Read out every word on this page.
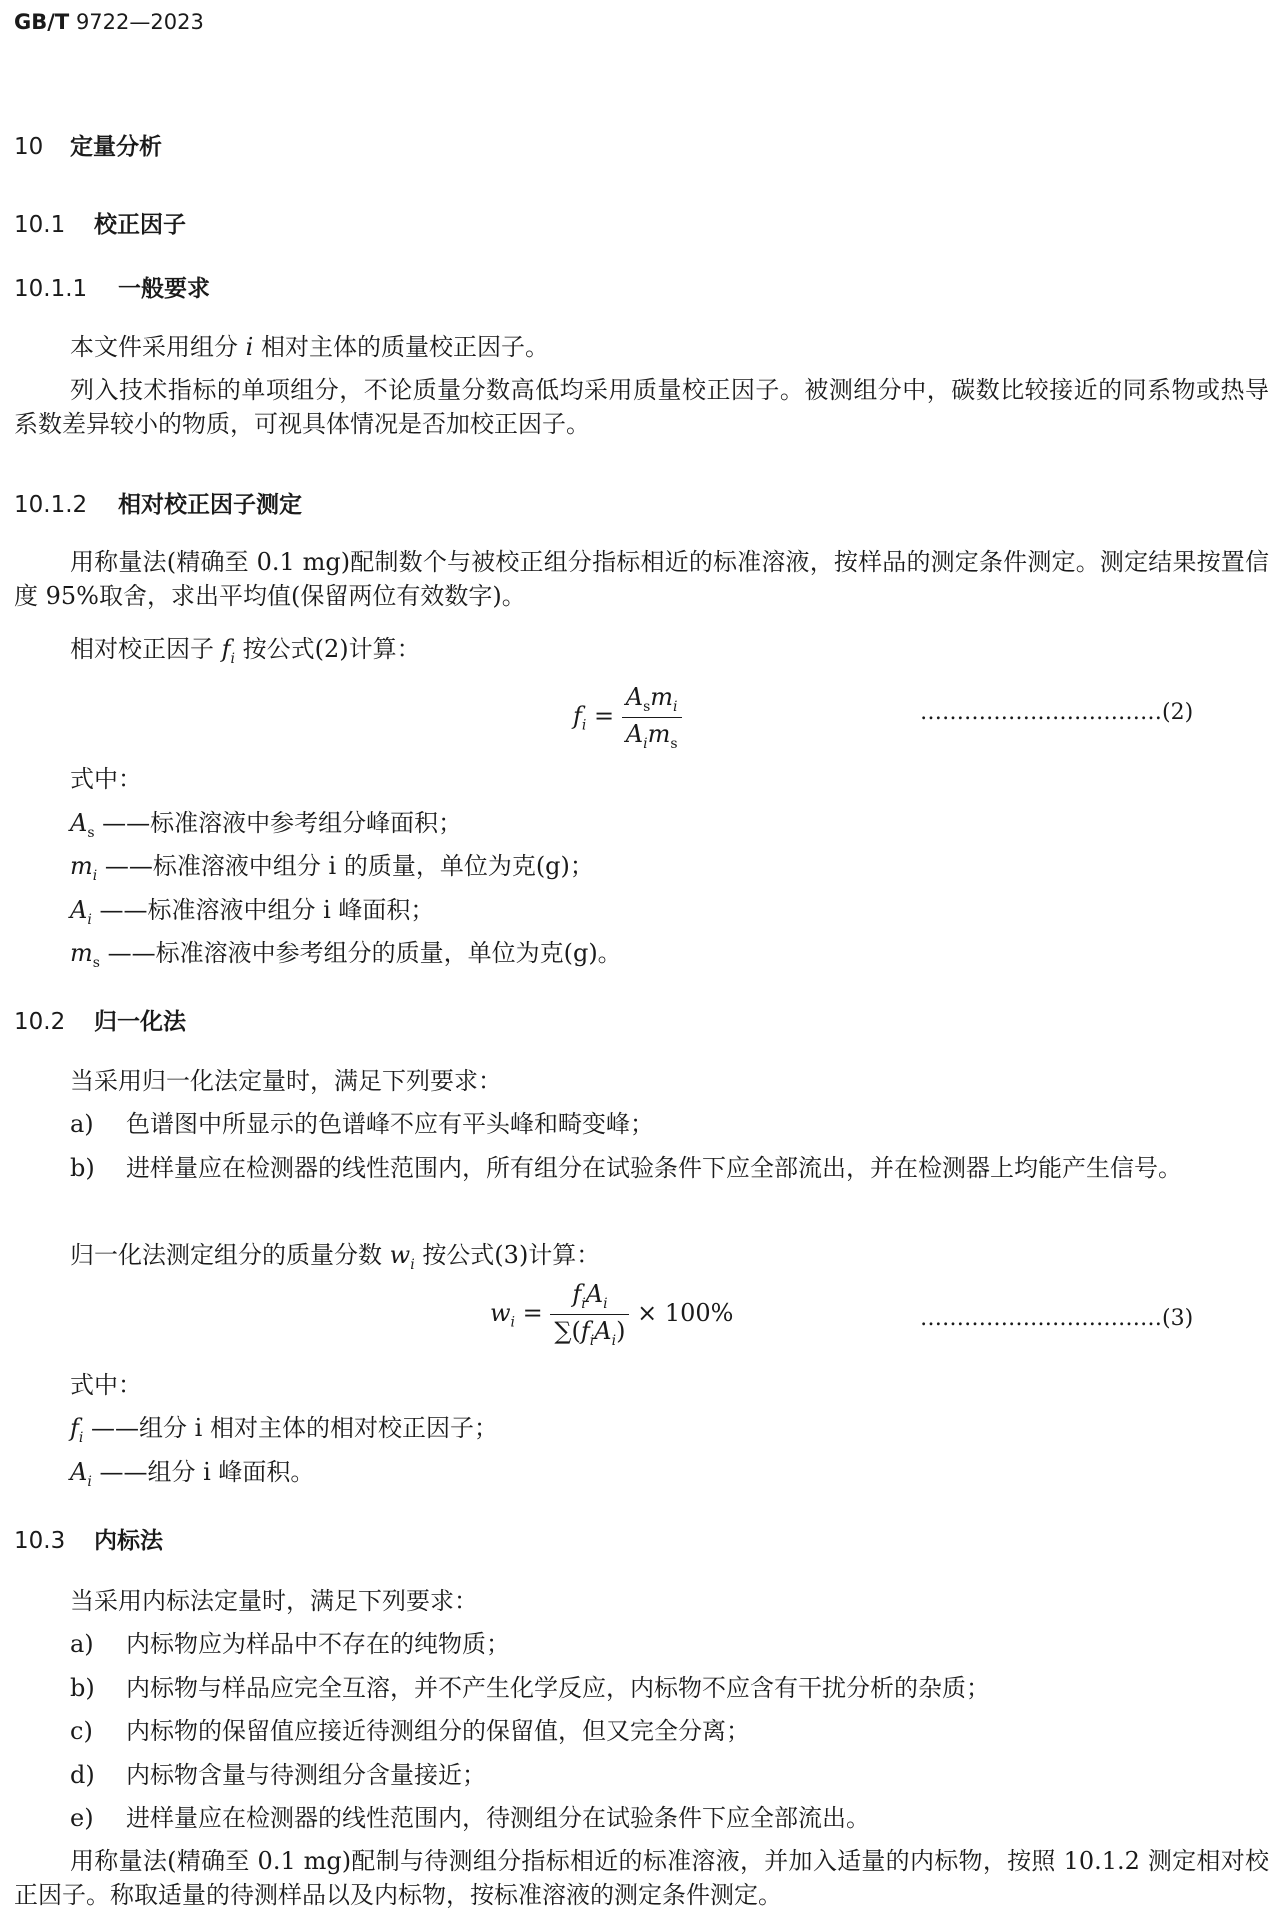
GB/T 9722—2023
10 定量分析
10.1 校正因子
10.1.1 一般要求
本文件采用组分 i 相对主体的质量校正因子。
列入技术指标的单项组分，不论质量分数高低均采用质量校正因子。被测组分中，碳数比较接近的同系物或热导系数差异较小的物质，可视具体情况是否加校正因子。
10.1.2 相对校正因子测定
用称量法(精确至 0.1 mg)配制数个与被校正组分指标相近的标准溶液，按样品的测定条件测定。测定结果按置信度 95%取舍，求出平均值(保留两位有效数字)。
相对校正因子 $f_i$ 按公式(2)计算：
$f_i = \frac{A_sm_i}{A_im_s}$	……………………………(2)
式中：
$A_s$ ——标准溶液中参考组分峰面积；
$m_i$ ——标准溶液中组分 i 的质量，单位为克(g)；
$A_i$ ——标准溶液中组分 i 峰面积；
$m_s$ ——标准溶液中参考组分的质量，单位为克(g)。
10.2 归一化法
当采用归一化法定量时，满足下列要求：
a) 色谱图中所显示的色谱峰不应有平头峰和畸变峰；
b) 进样量应在检测器的线性范围内，所有组分在试验条件下应全部流出，并在检测器上均能产生信号。
归一化法测定组分的质量分数 $w_i$ 按公式(3)计算：
$w_i = \frac{f_iA_i}{\sum(f_iA_i)} \times 100\%$	……………………………(3)
式中：
$f_i$ ——组分 i 相对主体的相对校正因子；
$A_i$ ——组分 i 峰面积。
10.3 内标法
当采用内标法定量时，满足下列要求：
a) 内标物应为样品中不存在的纯物质；
b) 内标物与样品应完全互溶，并不产生化学反应，内标物不应含有干扰分析的杂质；
c) 内标物的保留值应接近待测组分的保留值，但又完全分离；
d) 内标物含量与待测组分含量接近；
e) 进样量应在检测器的线性范围内，待测组分在试验条件下应全部流出。
用称量法(精确至 0.1 mg)配制与待测组分指标相近的标准溶液，并加入适量的内标物，按照 10.1.2 测定相对校正因子。称取适量的待测样品以及内标物，按标准溶液的测定条件测定。
